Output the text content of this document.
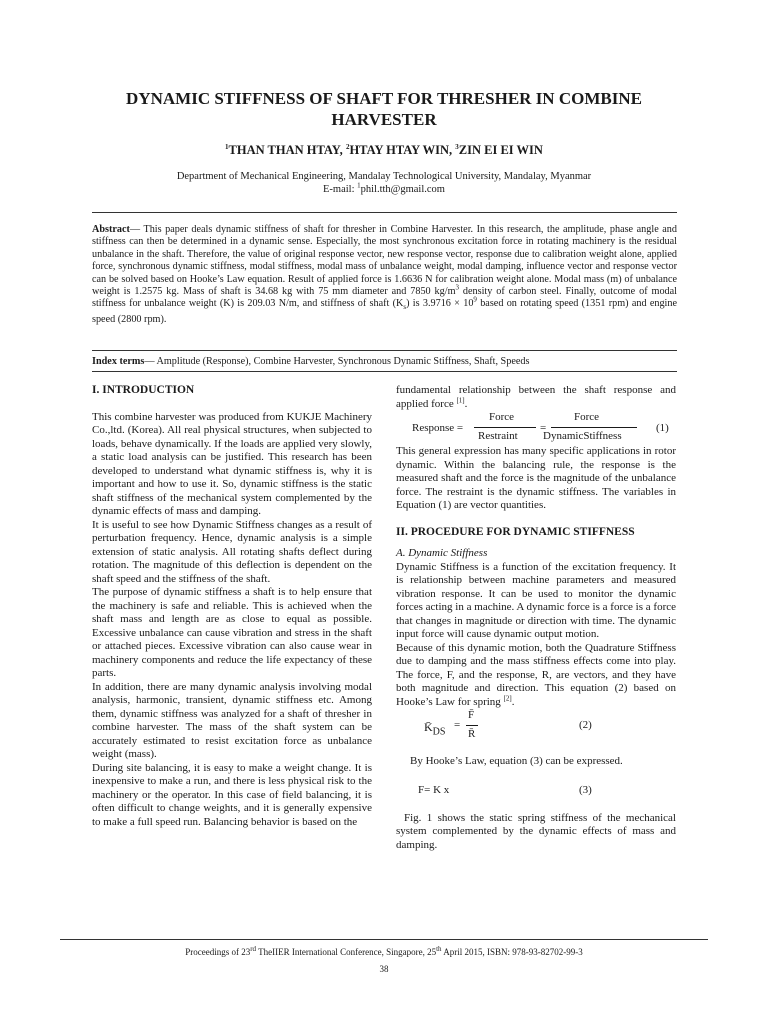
DYNAMIC STIFFNESS OF SHAFT FOR THRESHER IN COMBINE
HARVESTER
$^1$THAN THAN HTAY, $^2$HTAY HTAY WIN, $^3$ZIN EI EI WIN
Department of Mechanical Engineering, Mandalay Technological University, Mandalay, Myanmar
E-mail: $^1$phil.tth@gmail.com
Abstract— This paper deals dynamic stiffness of shaft for thresher in Combine Harvester. In this research, the amplitude, phase angle and stiffness can then be determined in a dynamic sense. Especially, the most synchronous excitation force in rotating machinery is the residual unbalance in the shaft. Therefore, the value of original response vector, new response vector, response due to calibration weight alone, applied force, synchronous dynamic stiffness, modal stiffness, modal mass of unbalance weight, modal damping, influence vector and response vector can be solved based on Hooke’s Law equation. Result of applied force is 1.6636 N for calibration weight alone. Modal mass (m) of unbalance weight is 1.2575 kg. Mass of shaft is 34.68 kg with 75 mm diameter and 7850 $kg/m^3$ density of carbon steel. Finally, outcome of modal stiffness for unbalance weight (K) is 209.03 N/m, and stiffness of shaft $(K_s)$ is $3.9716 \times 10^9$ based on rotating speed (1351 rpm) and engine speed (2800 rpm).
Index terms— Amplitude (Response), Combine Harvester, Synchronous Dynamic Stiffness, Shaft, Speeds

I. INTRODUCTION

This combine harvester was produced from KUKJE Machinery Co.,ltd. (Korea). All real physical structures, when subjected to loads, behave dynamically. If the loads are applied very slowly, a static load analysis can be justified. This research has been developed to understand what dynamic stiffness is, why it is important and how to use it. So, dynamic stiffness is the static shaft stiffness of the mechanical system complemented by the dynamic effects of mass and damping.

It is useful to see how Dynamic Stiffness changes as a result of perturbation frequency. Hence, dynamic analysis is a simple extension of static analysis. All rotating shafts deflect during rotation. The magnitude of this deflection is dependent on the shaft speed and the stiffness of the shaft.

The purpose of dynamic stiffness a shaft is to help ensure that the machinery is safe and reliable. This is achieved when the shaft mass and length are as close to equal as possible. Excessive unbalance can cause vibration and stress in the shaft or attached pieces. Excessive vibration can also cause wear in machinery components and reduce the life expectancy of these parts.

In addition, there are many dynamic analysis involving modal analysis, harmonic, transient, dynamic stiffness etc. Among them, dynamic stiffness was analyzed for a shaft of thresher in combine harvester. The mass of the shaft system can be accurately estimated to resist excitation force as unbalance weight (mass).

During site balancing, it is easy to make a weight change. It is inexpensive to make a run, and there is less physical risk to the machinery or the operator. In this case of field balancing, it is often difficult to change weights, and it is generally expensive to make a full speed run. Balancing behavior is based on the

fundamental relationship between the shaft response and applied force [1].

Response =
Force
Restraint
=
Force
DynamicStiffness
(1)

This general expression has many specific applications in rotor dynamic. Within the balancing rule, the response is the measured shaft and the force is the magnitude of the unbalance force. The restraint is the dynamic stiffness. The variables in Equation (1) are vector quantities.

II. PROCEDURE FOR DYNAMIC STIFFNESS

A. Dynamic Stiffness

Dynamic Stiffness is a function of the excitation frequency. It is relationship between machine parameters and measured vibration response. It can be used to monitor the dynamic forces acting in a machine. A dynamic force is a force is a force that changes in magnitude or direction with time. The dynamic input force will cause dynamic output motion.

Because of this dynamic motion, both the Quadrature Stiffness due to damping and the mass stiffness effects come into play. The force, F, and the response, R, are vectors, and they have both magnitude and direction. This equation (2) based on Hooke’s Law for spring [2].

$K̄_{DS}$
=
F̄
R̄
(2)

By Hooke’s Law, equation (3) can be expressed.

F= K x	(3)

Fig. 1 shows the static spring stiffness of the mechanical system complemented by the dynamic effects of mass and damping.

Proceedings of 23rd TheIIER International Conference, Singapore, 25th April 2015, ISBN: 978-93-82702-99-3
38
